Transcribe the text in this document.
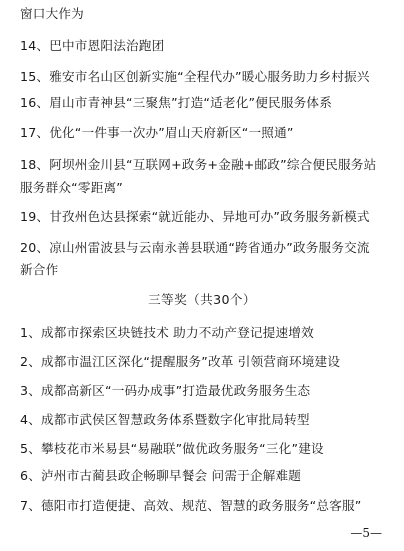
窗口大作为
14、巴中市恩阳法治跑团
15、雅安市名山区创新实施“全程代办”暖心服务助力乡村振兴
16、眉山市青神县“三聚焦”打造“适老化”便民服务体系
17、优化“一件事一次办”眉山天府新区“一照通”
18、阿坝州金川县“互联网+政务+金融+邮政”综合便民服务站
服务群众“零距离”
19、甘孜州色达县探索“就近能办、异地可办”政务服务新模式
20、凉山州雷波县与云南永善县联通“跨省通办”政务服务交流
新合作
三等奖（共30个）
1、成都市探索区块链技术 助力不动产登记提速增效
2、成都市温江区深化“提醒服务”改革 引领营商环境建设
3、成都高新区“一码办成事”打造最优政务服务生态
4、成都市武侯区智慧政务体系暨数字化审批局转型
5、攀枝花市米易县“易融联”做优政务服务“三化”建设
6、泸州市古蔺县政企畅聊早餐会 问需于企解难题
7、德阳市打造便捷、高效、规范、智慧的政务服务“总客服”
—5—
